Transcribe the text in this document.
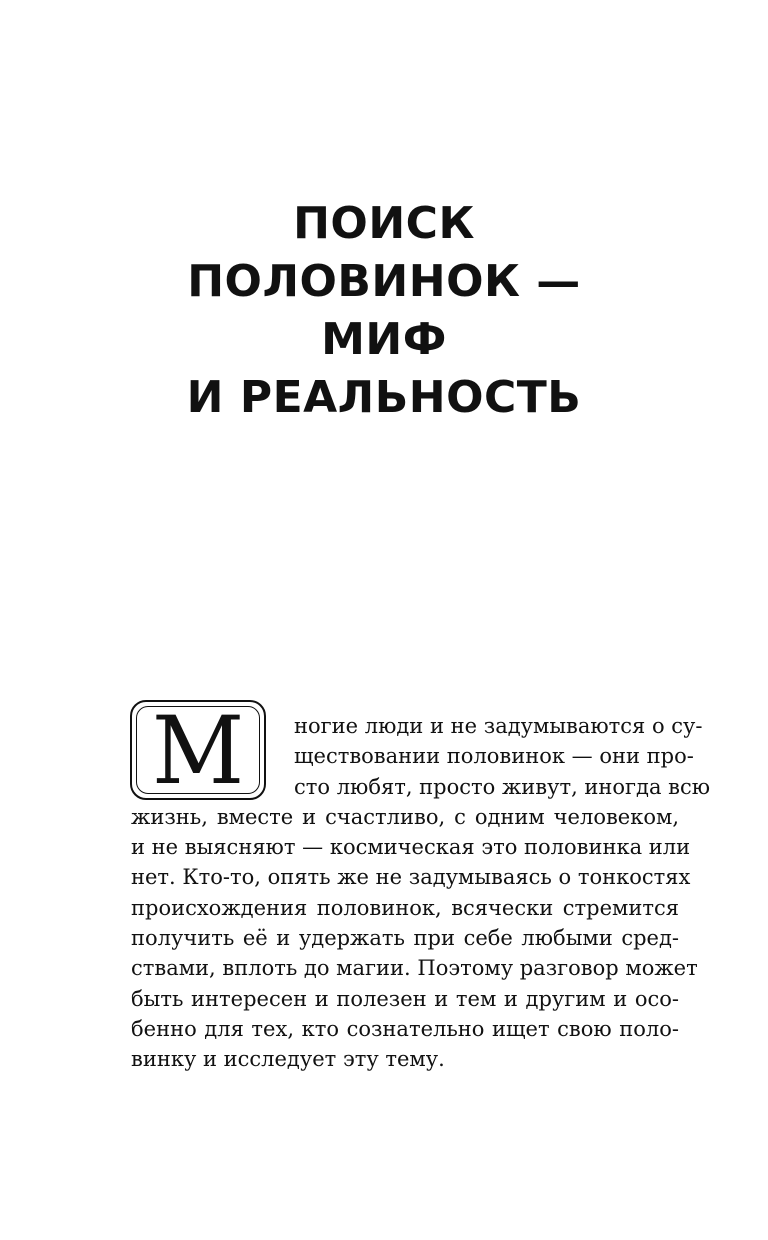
ПОИСК
ПОЛОВИНОК —
МИФ
И РЕАЛЬНОСТЬ
М ногие люди и не задумываются о су-
ществовании половинок — они про-
сто любят, просто живут, иногда всю
жизнь, вместе и счастливо, с одним человеком,
и не выясняют — космическая это половинка или
нет. Кто-то, опять же не задумываясь о тонкостях
происхождения половинок, всячески стремится
получить её и удержать при себе любыми сред-
ствами, вплоть до магии. Поэтому разговор может
быть интересен и полезен и тем и другим и осо-
бенно для тех, кто сознательно ищет свою поло-
винку и исследует эту тему.
